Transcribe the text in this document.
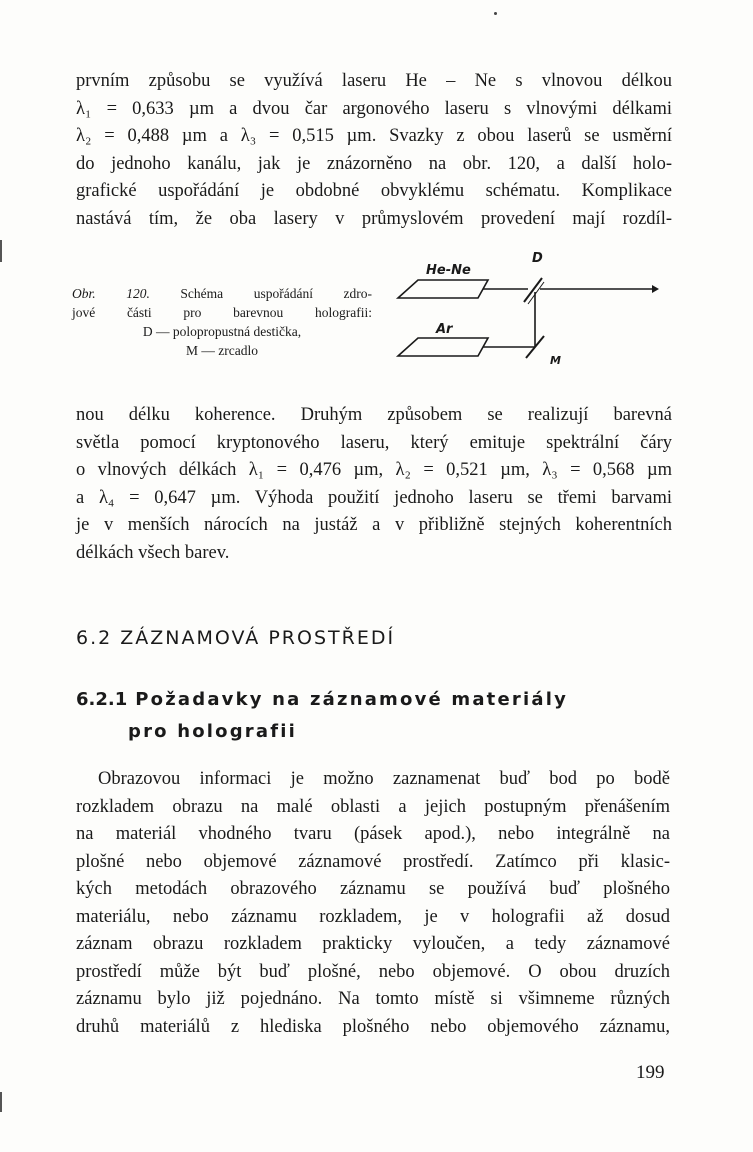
prvním způsobu se využívá laseru He – Ne s vlnovou délkou
λ₁ = 0,633 µm a dvou čar argonového laseru s vlnovými délkami
λ₂ = 0,488 µm a λ₃ = 0,515 µm. Svazky z obou laserů se usměrní
do jednoho kanálu, jak je znázorněno na obr. 120, a další holo-
grafické uspořádání je obdobné obvyklému schématu. Komplikace
nastává tím, že oba lasery v průmyslovém provedení mají rozdíl-

Obr. 120. Schéma uspořádání zdro-
jové části pro barevnou holografii:
D — polopropustná destička,
M — zrcadlo
He-Ne
Ar
D
M

nou délku koherence. Druhým způsobem se realizují barevná
světla pomocí kryptonového laseru, který emituje spektrální čáry
o vlnových délkách λ₁ = 0,476 µm, λ₂ = 0,521 µm, λ₃ = 0,568 µm
a λ₄ = 0,647 µm. Výhoda použití jednoho laseru se třemi barvami
je v menších nárocích na justáž a v přibližně stejných koherentních
délkách všech barev.

6.2 ZÁZNAMOVÁ PROSTŘEDÍ
6.2.1 Požadavky na záznamové materiály
pro holografii

Obrazovou informaci je možno zaznamenat buď bod po bodě
rozkladem obrazu na malé oblasti a jejich postupným přenášením
na materiál vhodného tvaru (pásek apod.), nebo integrálně na
plošné nebo objemové záznamové prostředí. Zatímco při klasic-
kých metodách obrazového záznamu se používá buď plošného
materiálu, nebo záznamu rozkladem, je v holografii až dosud
záznam obrazu rozkladem prakticky vyloučen, a tedy záznamové
prostředí může být buď plošné, nebo objemové. O obou druzích
záznamu bylo již pojednáno. Na tomto místě si všimneme různých
druhů materiálů z hlediska plošného nebo objemového záznamu,

199
